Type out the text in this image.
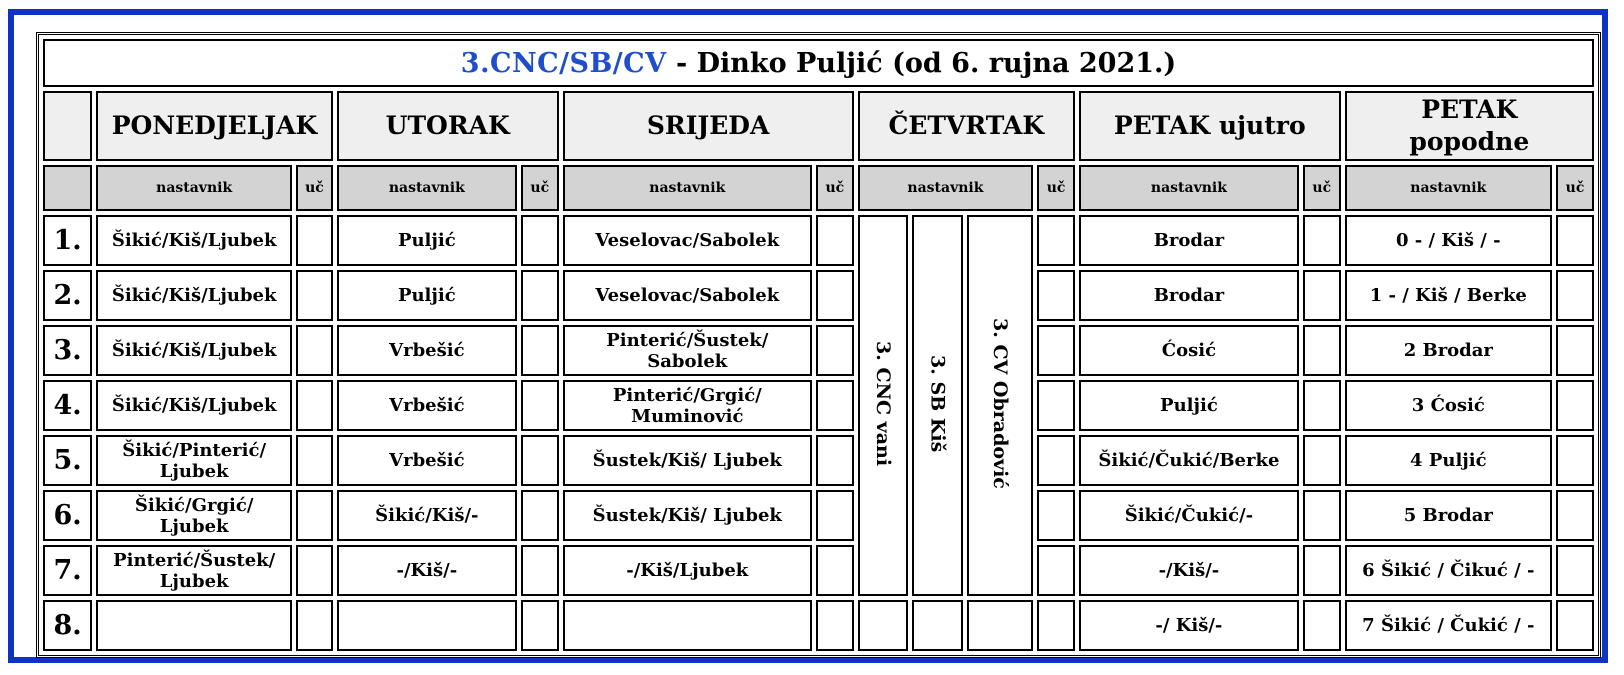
3.CNC/SB/CV - Dinko Puljić (od 6. rujna 2021.)														
	PONEDJELJAK		UTORAK		SRIJEDA		ČETVRTAK				PETAK ujutro		PETAK popodne	
	nastavnik	uč	nastavnik	uč	nastavnik	uč	nastavnik			uč	nastavnik	uč	nastavnik	uč
1.	Šikić/Kiš/Ljubek		Puljić		Veselovac/Sabolek		3. CNC vani	3. SB Kiš	3. CV Obradović		Brodar		0 - / Kiš / -	
2.	Šikić/Kiš/Ljubek		Puljić		Veselovac/Sabolek						Brodar		1 - / Kiš / Berke	
3.	Šikić/Kiš/Ljubek		Vrbešić		Pinterić/Šustek/ Sabolek						Ćosić		2 Brodar	
4.	Šikić/Kiš/Ljubek		Vrbešić		Pinterić/Grgić/ Muminović						Puljić		3 Ćosić	
5.	Šikić/Pinterić/ Ljubek		Vrbešić		Šustek/Kiš/ Ljubek						Šikić/Čukić/Berke		4 Puljić	
6.	Šikić/Grgić/ Ljubek		Šikić/Kiš/-		Šustek/Kiš/ Ljubek						Šikić/Čukić/-		5 Brodar	
7.	Pinterić/Šustek/ Ljubek		-/Kiš/-		-/Kiš/Ljubek						-/Kiš/-		6 Šikić / Čikuć / -	
8.											-/ Kiš/-		7 Šikić / Čukić / -	
